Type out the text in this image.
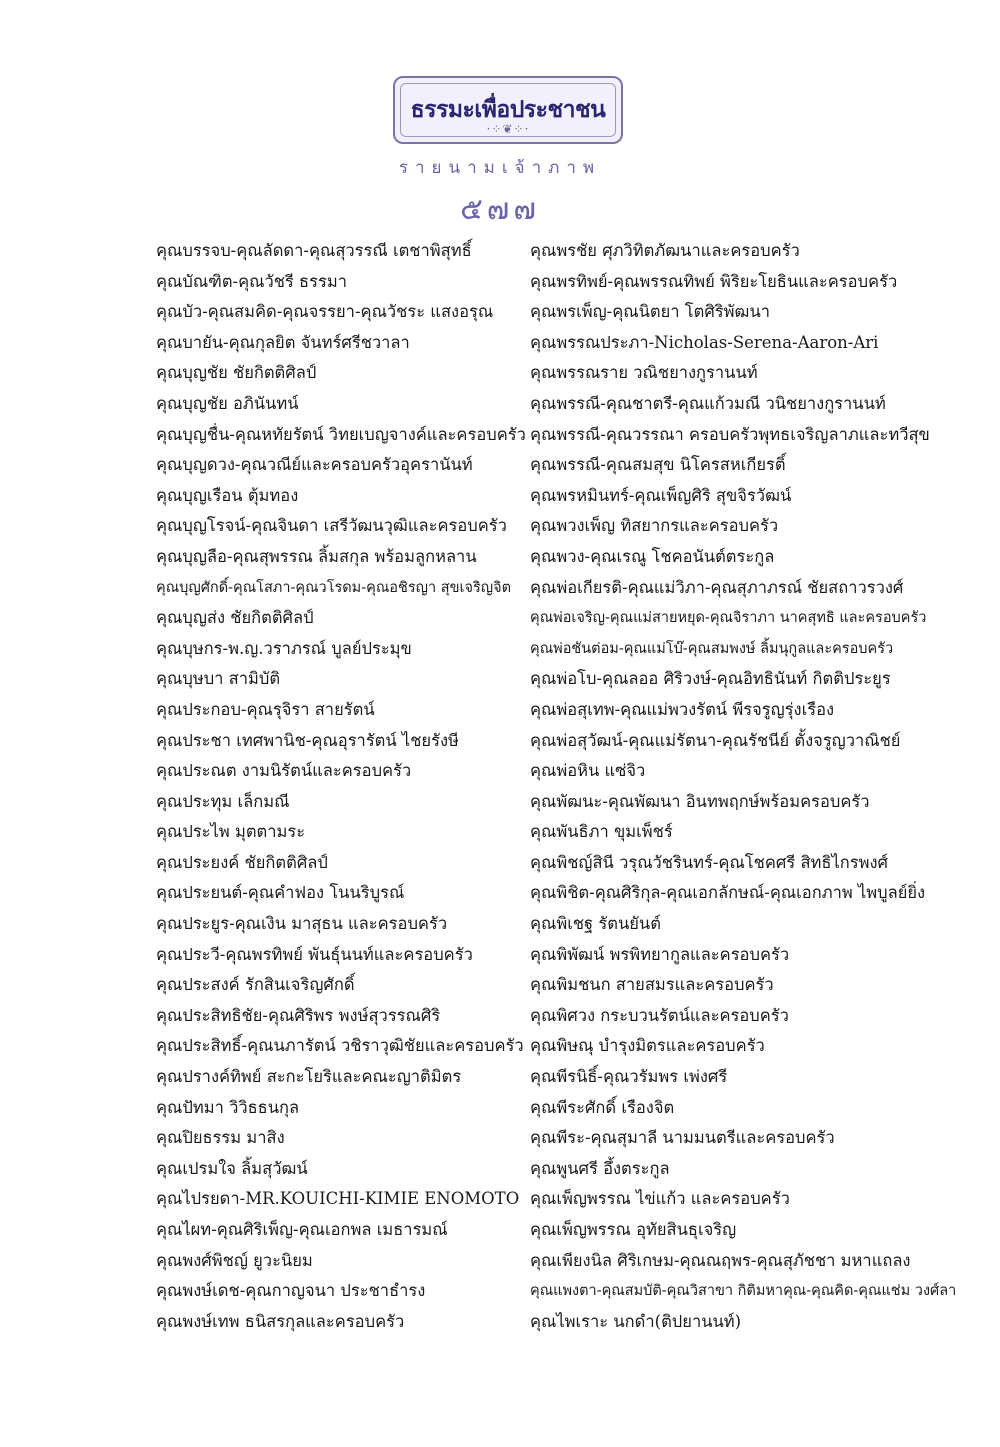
ธรรมะเพื่อประชาชน
·⁘❦⁘·
รายนามเจ้าภาพ
๕๗๗
คุณบรรจบ-คุณลัดดา-คุณสุวรรณี เตชาพิสุทธิ์
คุณบัณฑิต-คุณวัชรี ธรรมา
คุณบัว-คุณสมคิด-คุณจรรยา-คุณวัชระ แสงอรุณ
คุณบายัน-คุณกุลยิต จันทร์ศรีชวาลา
คุณบุญชัย ชัยกิตติศิลป์
คุณบุญชัย อภินันทน์
คุณบุญชื่น-คุณหทัยรัตน์ วิทยเบญจางค์และครอบครัว
คุณบุญดวง-คุณวณีย์และครอบครัวอุครานันท์
คุณบุญเรือน ตุ้มทอง
คุณบุญโรจน์-คุณจินดา เสรีวัฒนวุฒิและครอบครัว
คุณบุญลือ-คุณสุพรรณ ลิ้มสกุล พร้อมลูกหลาน
คุณบุญศักดิ์-คุณโสภา-คุณวโรดม-คุณอชิรญา สุขเจริญจิต
คุณบุญส่ง ชัยกิตติศิลป์
คุณบุษกร-พ.ญ.วราภรณ์ บูลย์ประมุข
คุณบุษบา สามิบัติ
คุณประกอบ-คุณรุจิรา สายรัตน์
คุณประชา เทศพานิช-คุณอุรารัตน์ ไชยรังษี
คุณประณต งามนิรัตน์และครอบครัว
คุณประทุม เล็กมณี
คุณประไพ มุตตามระ
คุณประยงค์ ชัยกิตติศิลป์
คุณประยนต์-คุณคำฟอง โนนริบูรณ์
คุณประยูร-คุณเงิน มาสุธน และครอบครัว
คุณประวี-คุณพรทิพย์ พันธุ์นนท์และครอบครัว
คุณประสงค์ รักสินเจริญศักดิ์
คุณประสิทธิชัย-คุณศิริพร พงษ์สุวรรณศิริ
คุณประสิทธิ์-คุณนภารัตน์ วชิราวุฒิชัยและครอบครัว
คุณปรางค์ทิพย์ สะกะโยริและคณะญาติมิตร
คุณปัทมา วิวิธธนกุล
คุณปิยธรรม มาสิง
คุณเปรมใจ ลิ้มสุวัฒน์
คุณไปรยดา-MR.KOUICHI-KIMIE ENOMOTO
คุณไผท-คุณศิริเพ็ญ-คุณเอกพล เมธารมณ์
คุณพงศ์พิชญ์ ยูวะนิยม
คุณพงษ์เดช-คุณกาญจนา ประชาธำรง
คุณพงษ์เทพ ธนิสรกุลและครอบครัว
คุณพรชัย ศุภวิทิตภัฒนาและครอบครัว
คุณพรทิพย์-คุณพรรณทิพย์ พิริยะโยธินและครอบครัว
คุณพรเพ็ญ-คุณนิตยา โตศิริพัฒนา
คุณพรรณประภา-Nicholas-Serena-Aaron-Ari
คุณพรรณราย วณิชยางกูรานนท์
คุณพรรณี-คุณชาตรี-คุณแก้วมณี วนิชยางกูรานนท์
คุณพรรณี-คุณวรรณา ครอบครัวพุทธเจริญลาภและทวีสุข
คุณพรรณี-คุณสมสุข นิโครสหเกียรติ์
คุณพรหมินทร์-คุณเพ็ญศิริ สุขจิรวัฒน์
คุณพวงเพ็ญ ทิสยากรและครอบครัว
คุณพวง-คุณเรณู โชคอนันต์ตระกูล
คุณพ่อเกียรติ-คุณแม่วิภา-คุณสุภาภรณ์ ชัยสถาวรวงศ์
คุณพ่อเจริญ-คุณแม่สายหยุด-คุณจิราภา นาคสุทธิ และครอบครัว
คุณพ่อชันต่อม-คุณแม่โบ๊-คุณสมพงษ์ ลิ้มนุกูลและครอบครัว
คุณพ่อโบ-คุณลออ ศิริวงษ์-คุณอิทธินันท์ กิตติประยูร
คุณพ่อสุเทพ-คุณแม่พวงรัตน์ พีรจรูญรุ่งเรือง
คุณพ่อสุวัฒน์-คุณแม่รัตนา-คุณรัชนีย์ ตั้งจรูญวาณิชย์
คุณพ่อหิน แซ่จิว
คุณพัฒนะ-คุณพัฒนา อินทพฤกษ์พร้อมครอบครัว
คุณพันธิภา ขุมเพ็ชร์
คุณพิชญ์สินี วรุณวัชรินทร์-คุณโชคศรี สิทธิไกรพงศ์
คุณพิชิต-คุณศิริกุล-คุณเอกลักษณ์-คุณเอกภาพ ไพบูลย์ยิ่ง
คุณพิเชฐ รัตนยันต์
คุณพิพัฒน์ พรพิทยากูลและครอบครัว
คุณพิมชนก สายสมรและครอบครัว
คุณพิศวง กระบวนรัตน์และครอบครัว
คุณพิษณุ บำรุงมิตรและครอบครัว
คุณพีรนิธิ์-คุณวรัมพร เพ่งศรี
คุณพีระศักดิ์ เรืองจิต
คุณพีระ-คุณสุมาลี นามมนตรีและครอบครัว
คุณพูนศรี อึ้งตระกูล
คุณเพ็ญพรรณ ไข่แก้ว และครอบครัว
คุณเพ็ญพรรณ อุทัยสินธุเจริญ
คุณเพียงนิล ศิริเกษม-คุณณฤพร-คุณสุภัชชา มหาแถลง
คุณแพงตา-คุณสมบัติ-คุณวิสาขา กิติมหาคุณ-คุณคิด-คุณแช่ม วงศ์ลา
คุณไพเราะ นกดำ(ติปยานนท์)
